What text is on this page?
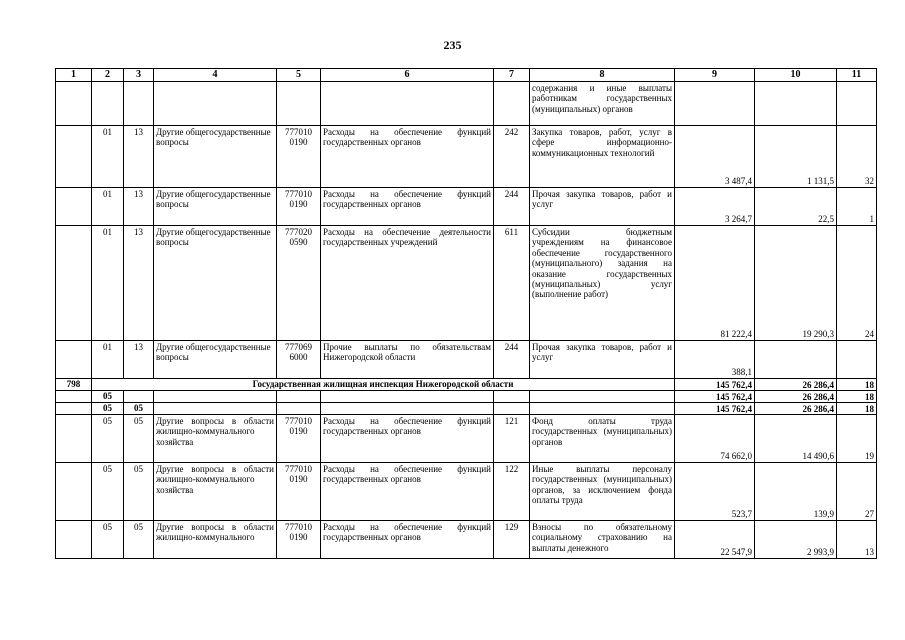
235
1	2	3	4	5	6	7	8	9	10	11
							содержания и иные выплаты работникам государственных (муниципальных) органов			
	01	13	Другие общегосударственные вопросы	777010 0190	Расходы на обеспечение функций государственных органов	242	Закупка товаров, работ, услуг в сфере информационно-коммуникационных технологий	3 487,4	1 131,5	32
	01	13	Другие общегосударственные вопросы	777010 0190	Расходы на обеспечение функций государственных органов	244	Прочая закупка товаров, работ и услуг	3 264,7	22,5	1
	01	13	Другие общегосударственные вопросы	777020 0590	Расходы на обеспечение деятельности государственных учреждений	611	Субсидии бюджетным учреждениям на финансовое обеспечение государственного (муниципального) задания на оказание государственных (муниципальных) услуг (выполнение работ)	81 222,4	19 290,3	24
	01	13	Другие общегосударственные вопросы	777069 6000	Прочие выплаты по обязательствам Нижегородской области	244	Прочая закупка товаров, работ и услуг	388,1		
798	Государственная жилищная инспекция Нижегородской области							145 762,4	26 286,4	18
	05							145 762,4	26 286,4	18
	05	05						145 762,4	26 286,4	18
	05	05	Другие вопросы в области жилищно-коммунального хозяйства	777010 0190	Расходы на обеспечение функций государственных органов	121	Фонд оплаты труда государственных (муниципальных) органов	74 662,0	14 490,6	19
	05	05	Другие вопросы в области жилищно-коммунального хозяйства	777010 0190	Расходы на обеспечение функций государственных органов	122	Иные выплаты персоналу государственных (муниципальных) органов, за исключением фонда оплаты труда	523,7	139,9	27
	05	05	Другие вопросы в области жилищно-коммунального	777010 0190	Расходы на обеспечение функций государственных органов	129	Взносы по обязательному социальному страхованию на выплаты денежного	22 547,9	2 993,9	13
